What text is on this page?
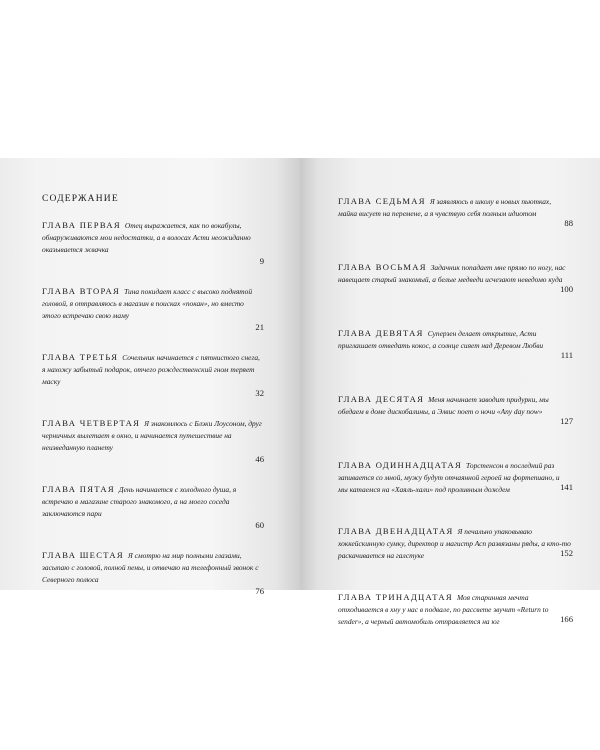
СОДЕРЖАНИЕ
ГЛАВА ПЕРВАЯ Отец выражается, как по вокабулы, обнаруживаются мои недостатки, а в волосах Асти неожиданно оказывается жвачка
9
ГЛАВА ВТОРАЯ Тина покидает класс с высоко поднятой головой, я отправляюсь в магазин в поисках «покан», но вместо этого встречаю свою маму
21
ГЛАВА ТРЕТЬЯ Сочельник начинается с пятнистого снега, я нахожу забытый подарок, отчего рождественский гном теряет маску
32
ГЛАВА ЧЕТВЕРТАЯ Я знакомлюсь с Блэки Лоусоном, друг черничных вылетает в окно, и начинается путешествие на неизведанную планету
46
ГЛАВА ПЯТАЯ День начинается с холодного душа, я встречаю в магазине старого знакомого, а на моего соседа заключаются пари
60
ГЛАВА ШЕСТАЯ Я смотрю на мир полными глазами, засыпаю с головой, полной пены, и отвечаю на телефонный звонок с Северного полюса
76
ГЛАВА СЕДЬМАЯ Я заявляюсь в школу в новых пьютках, майка висует на перемене, а я чувствую себя полным идиотом
88
ГЛАВА ВОСЬМАЯ Задачник попадает мне прямо по ногу, нас навещает старый знакомый, а белые медведи исчезают неведомо куда
100
ГЛАВА ДЕВЯТАЯ Суперзен делает открытие, Асти приглашает отведать кокос, а солнце сияет над Деревом Любви
111
ГЛАВА ДЕСЯТАЯ Меня начинает заводит придурки, мы обедаем в доме дискобалины, а Элвис поет о ночи «Any day now»
127
ГЛАВА ОДИННАДЦАТАЯ Торстенсон в последний раз запивается со мной, мужу будут отчаянной героей на фортепиано, и мы катаемся на «Хаяль-хали» под проливным дождем	141
ГЛАВА ДВЕНАДЦАТАЯ Я печально упаковываю хоккейскинную сумку, директор и магистр Асп развязаны ряды, а кто-то раскачивается на галстуке	152
ГЛАВА ТРИНАДЦАТАЯ Моя старинная мечта отходивается в хну у нас в подвале, по рассвете звучит «Return to sender», а черный автомобиль отправляется на юг	166
